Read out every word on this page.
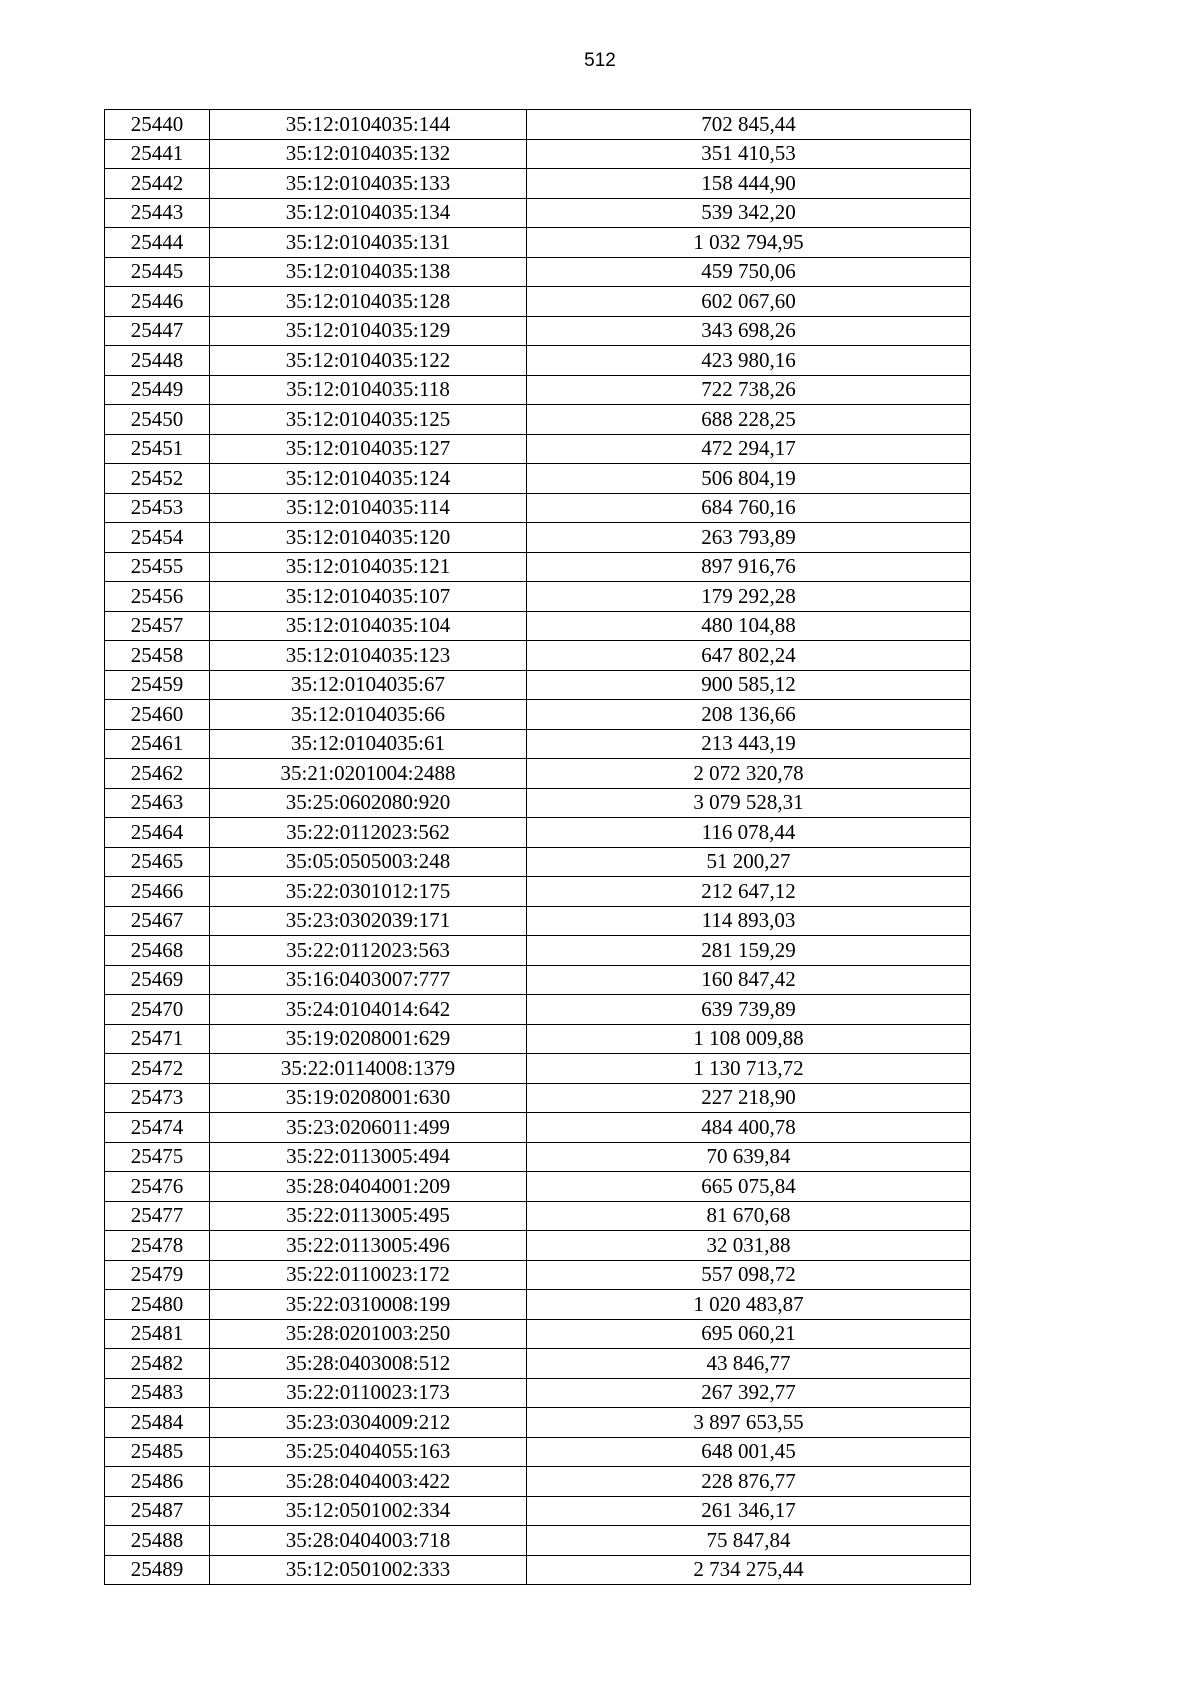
512
25440	35:12:0104035:144	702 845,44
25441	35:12:0104035:132	351 410,53
25442	35:12:0104035:133	158 444,90
25443	35:12:0104035:134	539 342,20
25444	35:12:0104035:131	1 032 794,95
25445	35:12:0104035:138	459 750,06
25446	35:12:0104035:128	602 067,60
25447	35:12:0104035:129	343 698,26
25448	35:12:0104035:122	423 980,16
25449	35:12:0104035:118	722 738,26
25450	35:12:0104035:125	688 228,25
25451	35:12:0104035:127	472 294,17
25452	35:12:0104035:124	506 804,19
25453	35:12:0104035:114	684 760,16
25454	35:12:0104035:120	263 793,89
25455	35:12:0104035:121	897 916,76
25456	35:12:0104035:107	179 292,28
25457	35:12:0104035:104	480 104,88
25458	35:12:0104035:123	647 802,24
25459	35:12:0104035:67	900 585,12
25460	35:12:0104035:66	208 136,66
25461	35:12:0104035:61	213 443,19
25462	35:21:0201004:2488	2 072 320,78
25463	35:25:0602080:920	3 079 528,31
25464	35:22:0112023:562	116 078,44
25465	35:05:0505003:248	51 200,27
25466	35:22:0301012:175	212 647,12
25467	35:23:0302039:171	114 893,03
25468	35:22:0112023:563	281 159,29
25469	35:16:0403007:777	160 847,42
25470	35:24:0104014:642	639 739,89
25471	35:19:0208001:629	1 108 009,88
25472	35:22:0114008:1379	1 130 713,72
25473	35:19:0208001:630	227 218,90
25474	35:23:0206011:499	484 400,78
25475	35:22:0113005:494	70 639,84
25476	35:28:0404001:209	665 075,84
25477	35:22:0113005:495	81 670,68
25478	35:22:0113005:496	32 031,88
25479	35:22:0110023:172	557 098,72
25480	35:22:0310008:199	1 020 483,87
25481	35:28:0201003:250	695 060,21
25482	35:28:0403008:512	43 846,77
25483	35:22:0110023:173	267 392,77
25484	35:23:0304009:212	3 897 653,55
25485	35:25:0404055:163	648 001,45
25486	35:28:0404003:422	228 876,77
25487	35:12:0501002:334	261 346,17
25488	35:28:0404003:718	75 847,84
25489	35:12:0501002:333	2 734 275,44
